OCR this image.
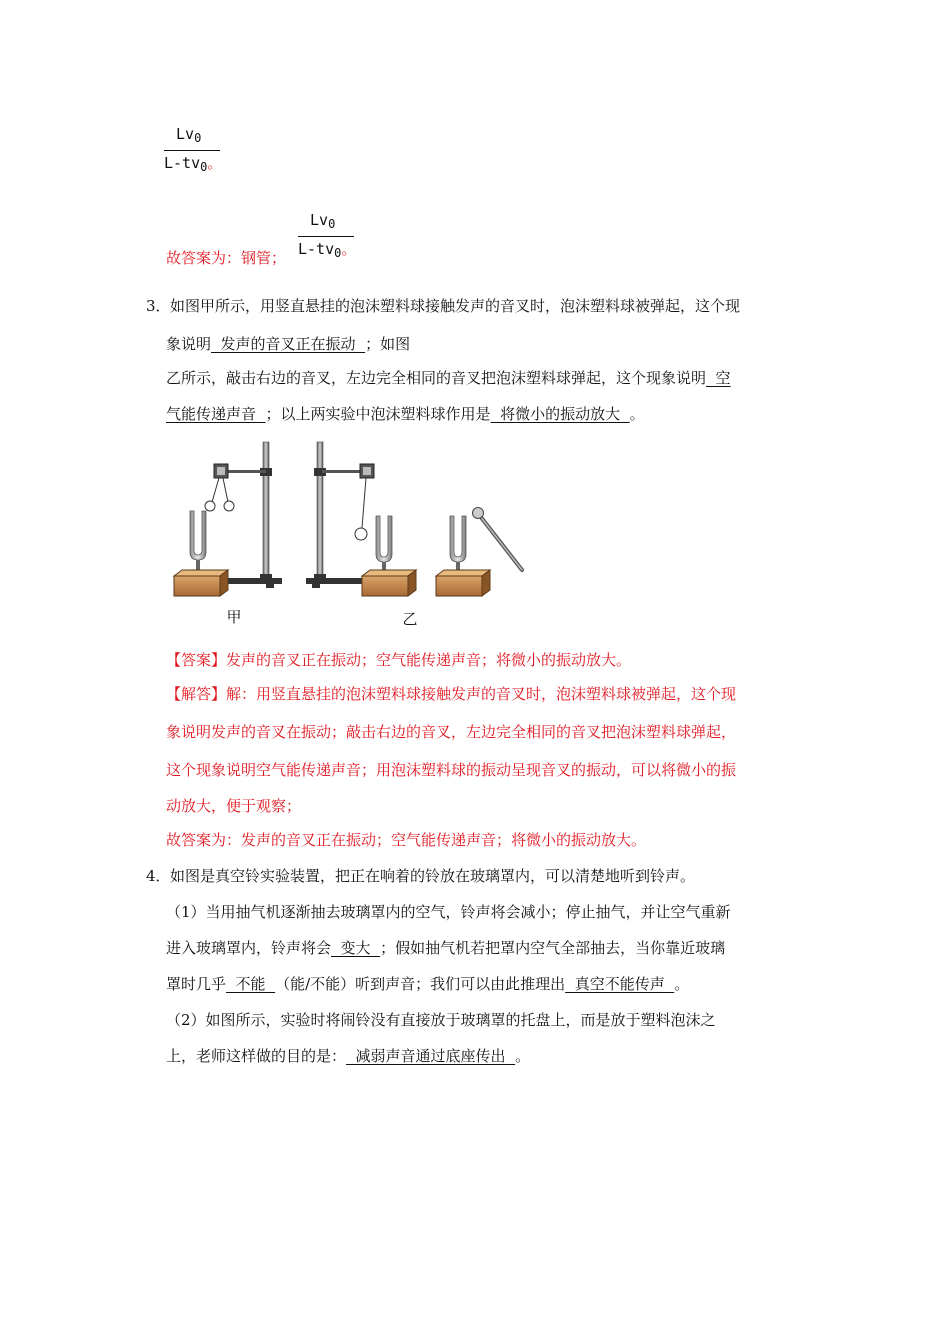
$Lv_0$
$L-tv_0$。
故答案为：钢管；
$Lv_0$
$L-tv_0$。
3． 如图甲所示，用竖直悬挂的泡沫塑料球接触发声的音叉时，泡沫塑料球被弹起，这个现
象说明  发声的音叉正在振动  ；如图
乙所示，敲击右边的音叉，左边完全相同的音叉把泡沫塑料球弹起，这个现象说明  空
气能传递声音  ；以上两实验中泡沫塑料球作用是  将微小的振动放大  。
甲	乙
【答案】发声的音叉正在振动；空气能传递声音；将微小的振动放大。
【解答】解：用竖直悬挂的泡沫塑料球接触发声的音叉时，泡沫塑料球被弹起，这个现
象说明发声的音叉在振动；敲击右边的音叉，左边完全相同的音叉把泡沫塑料球弹起，
这个现象说明空气能传递声音；用泡沫塑料球的振动呈现音叉的振动，可以将微小的振
动放大，便于观察；
故答案为：发声的音叉正在振动；空气能传递声音；将微小的振动放大。
4． 如图是真空铃实验装置，把正在响着的铃放在玻璃罩内，可以清楚地听到铃声。
（1）当用抽气机逐渐抽去玻璃罩内的空气，铃声将会减小；停止抽气，并让空气重新
进入玻璃罩内，铃声将会  变大  ；假如抽气机若把罩内空气全部抽去，当你靠近玻璃
罩时几乎  不能  （能/不能）听到声音；我们可以由此推理出  真空不能传声  。
（2）如图所示，实验时将闹铃没有直接放于玻璃罩的托盘上，而是放于塑料泡沫之
上，老师这样做的目的是：  减弱声音通过底座传出  。
